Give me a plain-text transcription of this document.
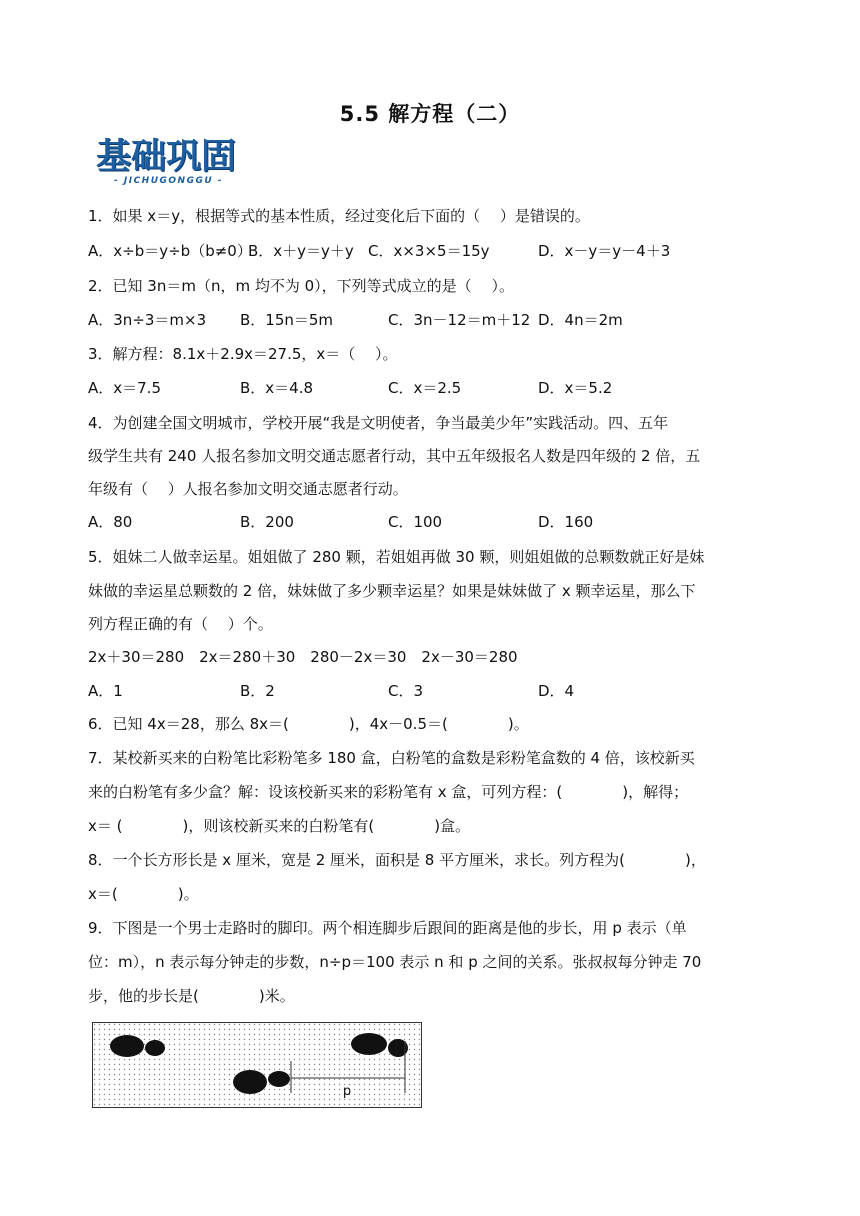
5.5 解方程（二）
基础巩固
- JICHUGONGGU -
1．如果 x＝y，根据等式的基本性质，经过变化后下面的（　 ）是错误的。
A．x÷b＝y÷b（b≠0）
B．x＋y＝y＋y C．x×3×5＝15y	D．x－y＝y－4＋3
2．已知 3n＝m（n，m 均不为 0），下列等式成立的是（　 ）。
A．3n÷3＝m×3 B．15n＝5m	C．3n－12＝m＋12 D．4n＝2m
3．解方程：8.1x＋2.9x＝27.5，x＝（　 ）。
A．x＝7.5	B．x＝4.8	C．x＝2.5	D．x＝5.2
4．为创建全国文明城市，学校开展“我是文明使者，争当最美少年”实践活动。四、五年
级学生共有 240 人报名参加文明交通志愿者行动，其中五年级报名人数是四年级的 2 倍，五
年级有（　 ）人报名参加文明交通志愿者行动。
A．80	B．200	C．100	D．160
5．姐妹二人做幸运星。姐姐做了 280 颗，若姐姐再做 30 颗，则姐姐做的总颗数就正好是妹
妹做的幸运星总颗数的 2 倍，妹妹做了多少颗幸运星？如果是妹妹做了 x 颗幸运星，那么下
列方程正确的有（　 ）个。
2x＋30＝280　2x＝280＋30　280－2x＝30　2x－30＝280
A．1	B．2	C．3	D．4
6．已知 4x＝28，那么 8x＝(　　　　)，4x－0.5＝(　　　　)。
7．某校新买来的白粉笔比彩粉笔多 180 盒，白粉笔的盒数是彩粉笔盒数的 4 倍，该校新买
来的白粉笔有多少盒？解：设该校新买来的彩粉笔有 x 盒，可列方程：(　　　　)，解得；
x＝ (　　　　)，则该校新买来的白粉笔有(　　　　)盒。
8．一个长方形长是 x 厘米，宽是 2 厘米，面积是 8 平方厘米，求长。列方程为(　　　　)，
x＝(　　　　)。
9．下图是一个男士走路时的脚印。两个相连脚步后跟间的距离是他的步长，用 p 表示（单
位：m），n 表示每分钟走的步数，n÷p＝100 表示 n 和 p 之间的关系。张叔叔每分钟走 70
步，他的步长是(　　　　)米。
p
